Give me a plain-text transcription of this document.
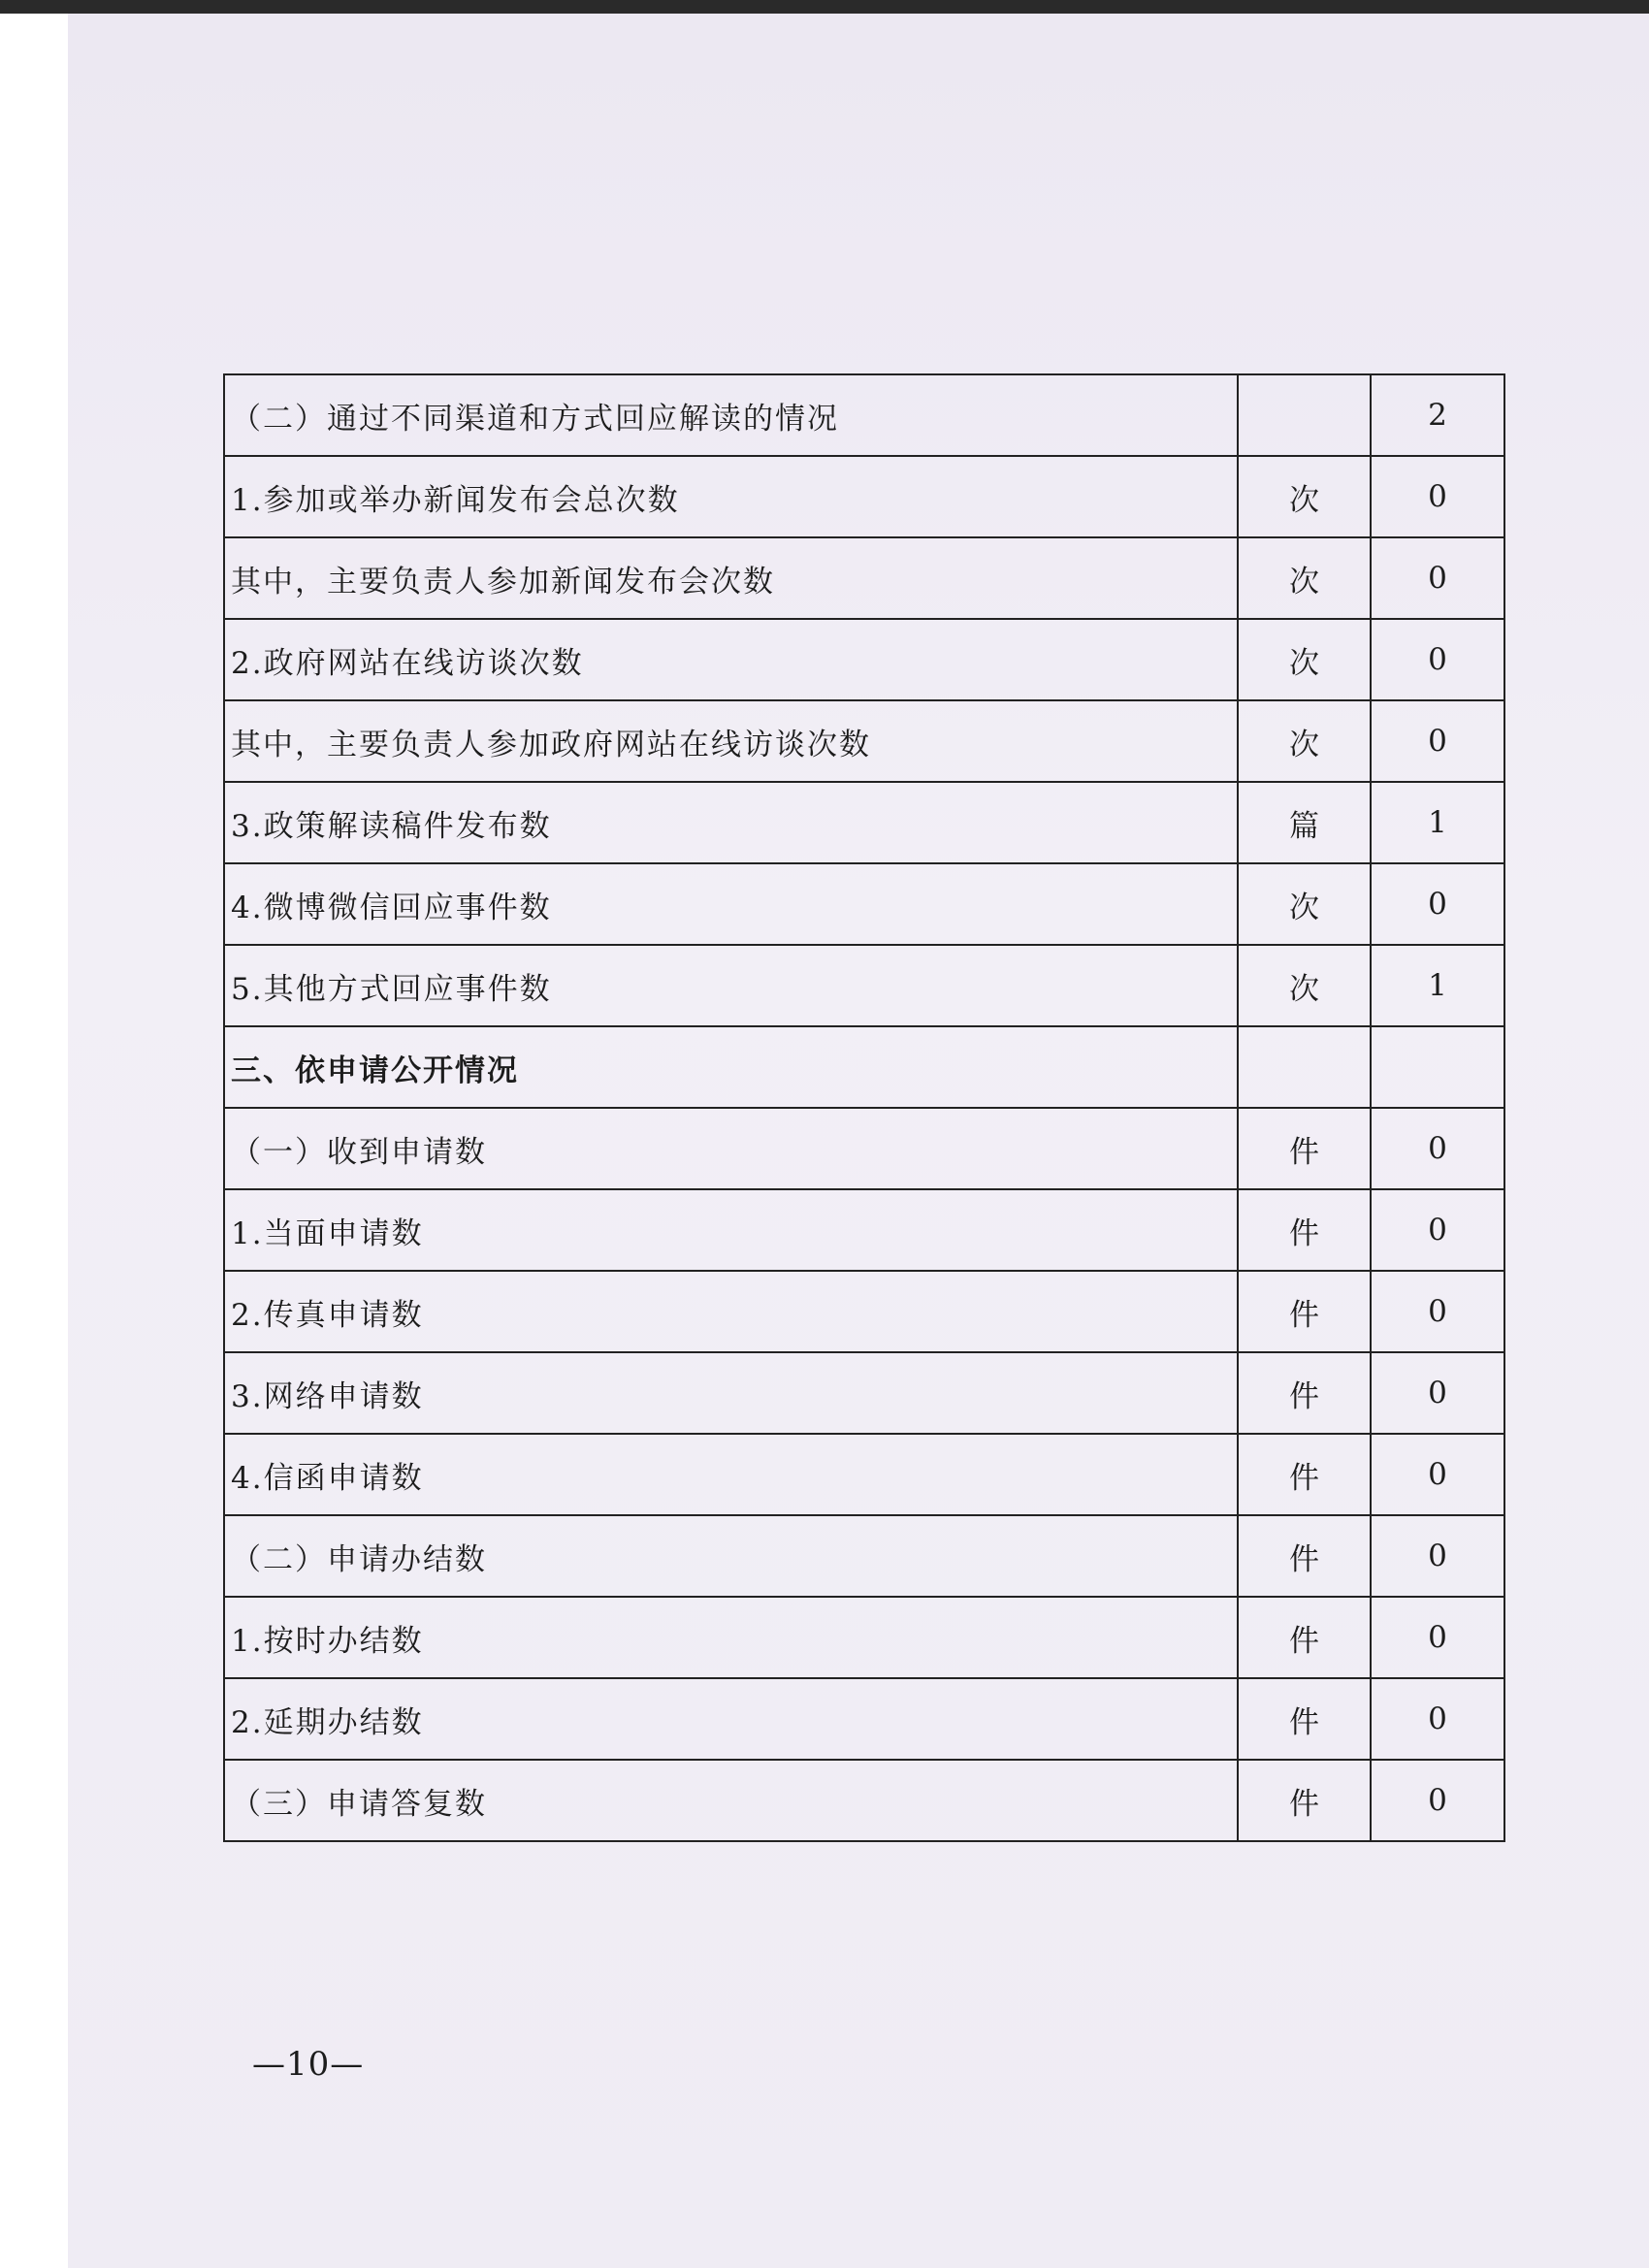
（二）通过不同渠道和方式回应解读的情况		2
1.参加或举办新闻发布会总次数	次	0
其中，主要负责人参加新闻发布会次数	次	0
2.政府网站在线访谈次数	次	0
其中，主要负责人参加政府网站在线访谈次数	次	0
3.政策解读稿件发布数	篇	1
4.微博微信回应事件数	次	0
5.其他方式回应事件数	次	1
三、依申请公开情况		
（一）收到申请数	件	0
1.当面申请数	件	0
2.传真申请数	件	0
3.网络申请数	件	0
4.信函申请数	件	0
（二）申请办结数	件	0
1.按时办结数	件	0
2.延期办结数	件	0
（三）申请答复数	件	0
—10—
